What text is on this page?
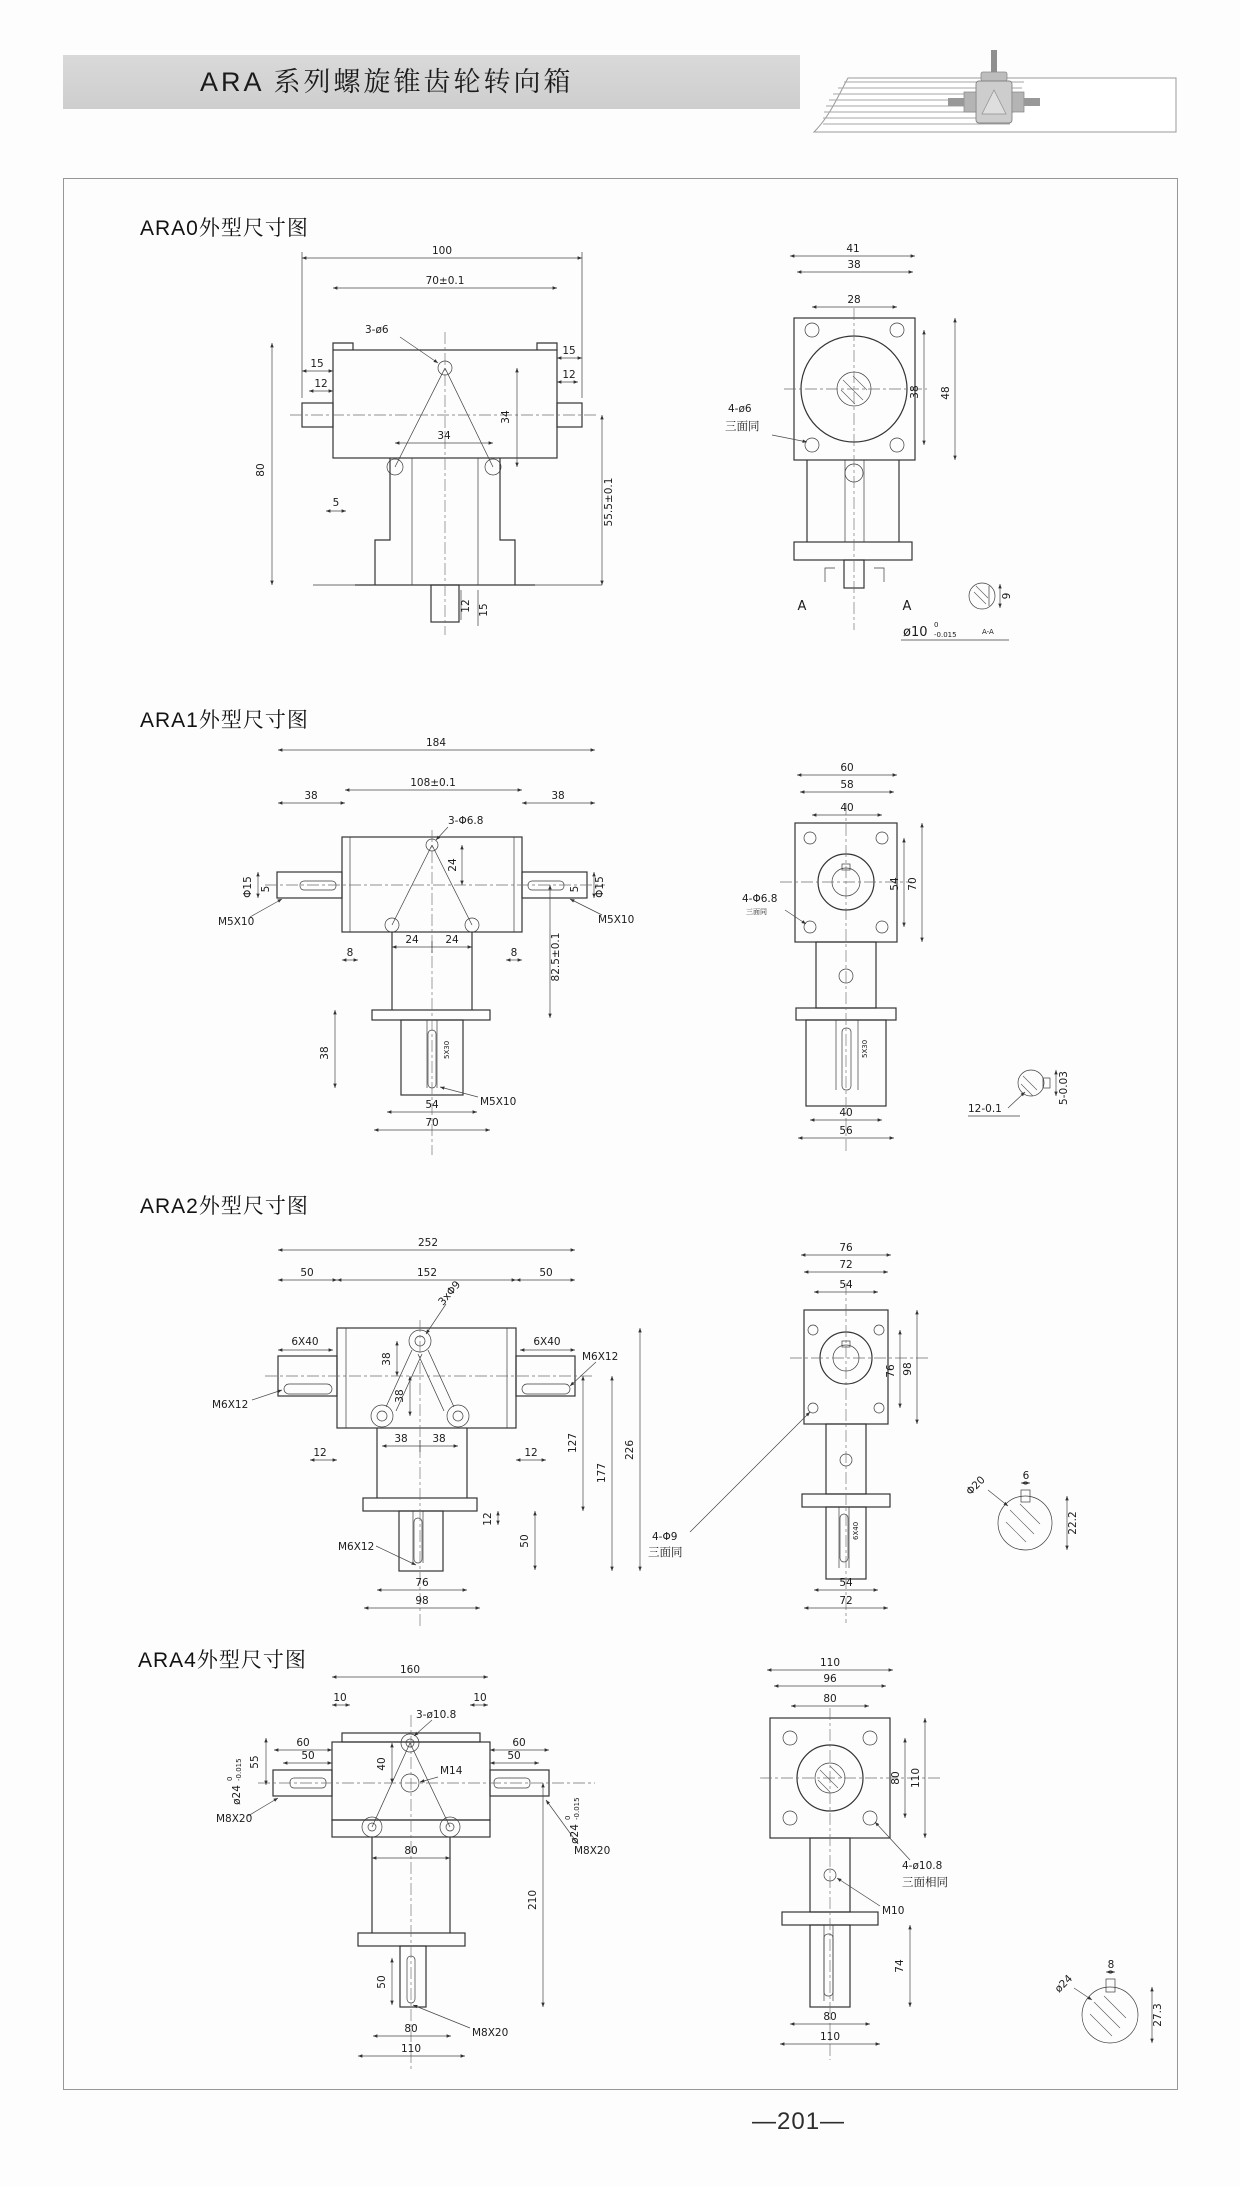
ARA 系列螺旋锥齿轮转向箱
ARA0外型尺寸图
ARA1外型尺寸图
ARA2外型尺寸图
ARA4外型尺寸图
100
70±0.1
3-ø6
15
12
15
12
34
34
80
5	55.5±0.1
12 15
41
38
28
38 48
4-ø6
三面同
A	A
ø10 0
-0.015	A-A
9
184
108±0.1
38	38
3-Φ6.8
24
24	24
8	8	82.5±0.1
38	5X30
M5X10
54
70
Φ15 5
M5X10
Φ15
5
M5X10
60
58
40
54 70
4-Φ6.8
三面同
5X30
40
56
12-0.1
5-0.03
252
152
50	50
6X40	6X40
M6X12
M6X12
3xΦ9
38
38
38 38
12	12	127
177
226
12
50
M6X12
76
98
76
72
54
76 98
4-Φ9
三面同
6X40
54
72
6
Φ20
22.2
160
10	10
3-ø10.8
55
60
50
60
50
ø24
0 -0.015
M8X20
40
M14
ø24
0 -0.015
M8X20
80
210
50
M8X20
80
110
110
96
80
80 110
4-ø10.8
三面相同
M10
74
80
110
8
ø24
27.3
—201—
